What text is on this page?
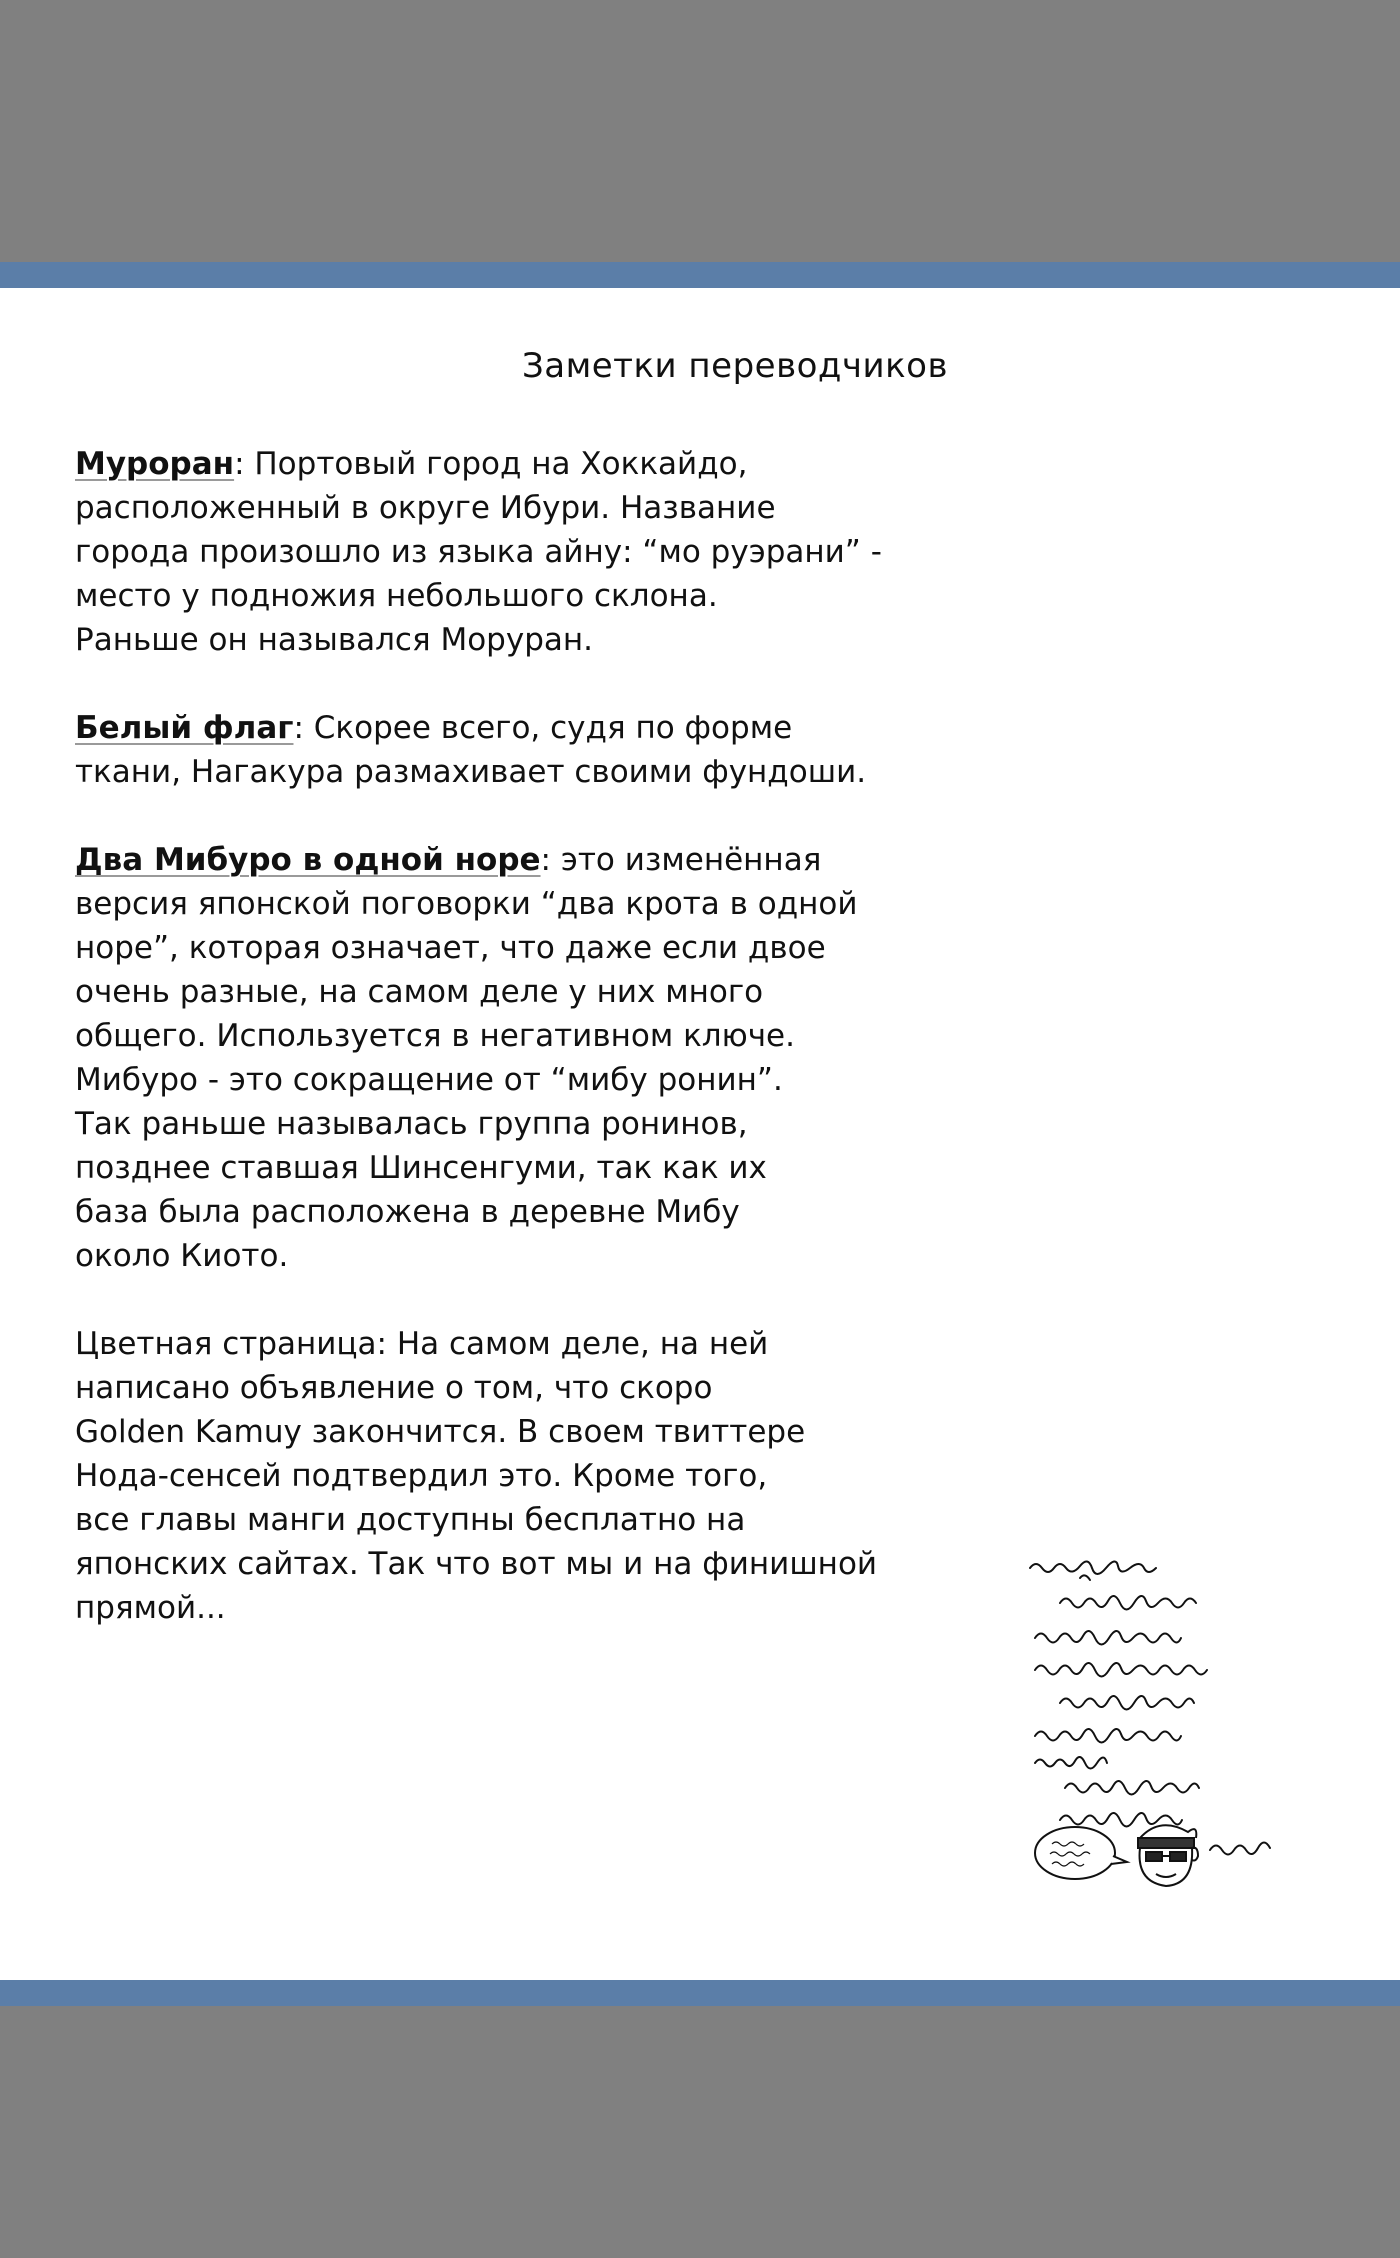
Заметки переводчиков
Муроран: Портовый город на Хоккайдо,
расположенный в округе Ибури. Название
города произошло из языка айну: “мо руэрани” -
место у подножия небольшого склона.
Раньше он назывался Моруран.
Белый флаг: Скорее всего, судя по форме
ткани, Нагакура размахивает своими фундоши.
Два Мибуро в одной норе: это изменённая
версия японской поговорки “два крота в одной
норе”, которая означает, что даже если двое
очень разные, на самом деле у них много
общего. Используется в негативном ключе.
Мибуро - это сокращение от “мибу ронин”.
Так раньше называлась группа ронинов,
позднее ставшая Шинсенгуми, так как их
база была расположена в деревне Мибу
около Киото.
Цветная страница: На самом деле, на ней
написано объявление о том, что скоро
Golden Kamuy закончится. В своем твиттере
Нода-сенсей подтвердил это. Кроме того,
все главы манги доступны бесплатно на
японских сайтах. Так что вот мы и на финишной
прямой...
